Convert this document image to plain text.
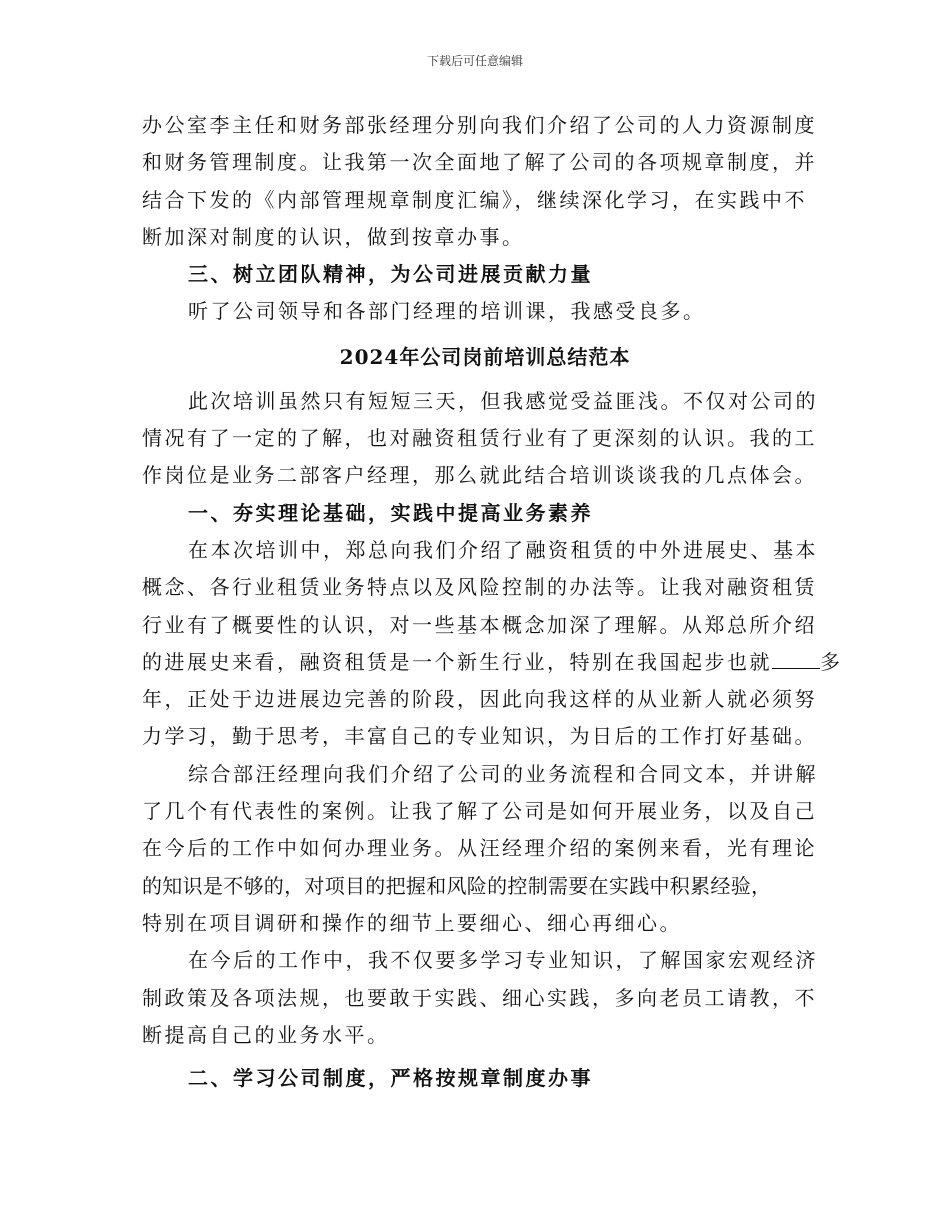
下载后可任意编辑
办公室李主任和财务部张经理分别向我们介绍了公司的人力资源制度
和财务管理制度。让我第一次全面地了解了公司的各项规章制度，并
结合下发的《内部管理规章制度汇编》，继续深化学习，在实践中不
断加深对制度的认识，做到按章办事。
三、树立团队精神，为公司进展贡献力量
听了公司领导和各部门经理的培训课，我感受良多。
2024年公司岗前培训总结范本
此次培训虽然只有短短三天，但我感觉受益匪浅。不仅对公司的
情况有了一定的了解，也对融资租赁行业有了更深刻的认识。我的工
作岗位是业务二部客户经理，那么就此结合培训谈谈我的几点体会。
一、夯实理论基础，实践中提高业务素养
在本次培训中，郑总向我们介绍了融资租赁的中外进展史、基本
概念、各行业租赁业务特点以及风险控制的办法等。让我对融资租赁
行业有了概要性的认识，对一些基本概念加深了理解。从郑总所介绍
的进展史来看，融资租赁是一个新生行业，特别在我国起步也就 多
年，正处于边进展边完善的阶段，因此向我这样的从业新人就必须努
力学习，勤于思考，丰富自己的专业知识，为日后的工作打好基础。
综合部汪经理向我们介绍了公司的业务流程和合同文本，并讲解
了几个有代表性的案例。让我了解了公司是如何开展业务，以及自己
在今后的工作中如何办理业务。从汪经理介绍的案例来看，光有理论
的知识是不够的，对项目的把握和风险的控制需要在实践中积累经验，
特别在项目调研和操作的细节上要细心、细心再细心。
在今后的工作中，我不仅要多学习专业知识，了解国家宏观经济
制政策及各项法规，也要敢于实践、细心实践，多向老员工请教，不
断提高自己的业务水平。
二、学习公司制度，严格按规章制度办事
